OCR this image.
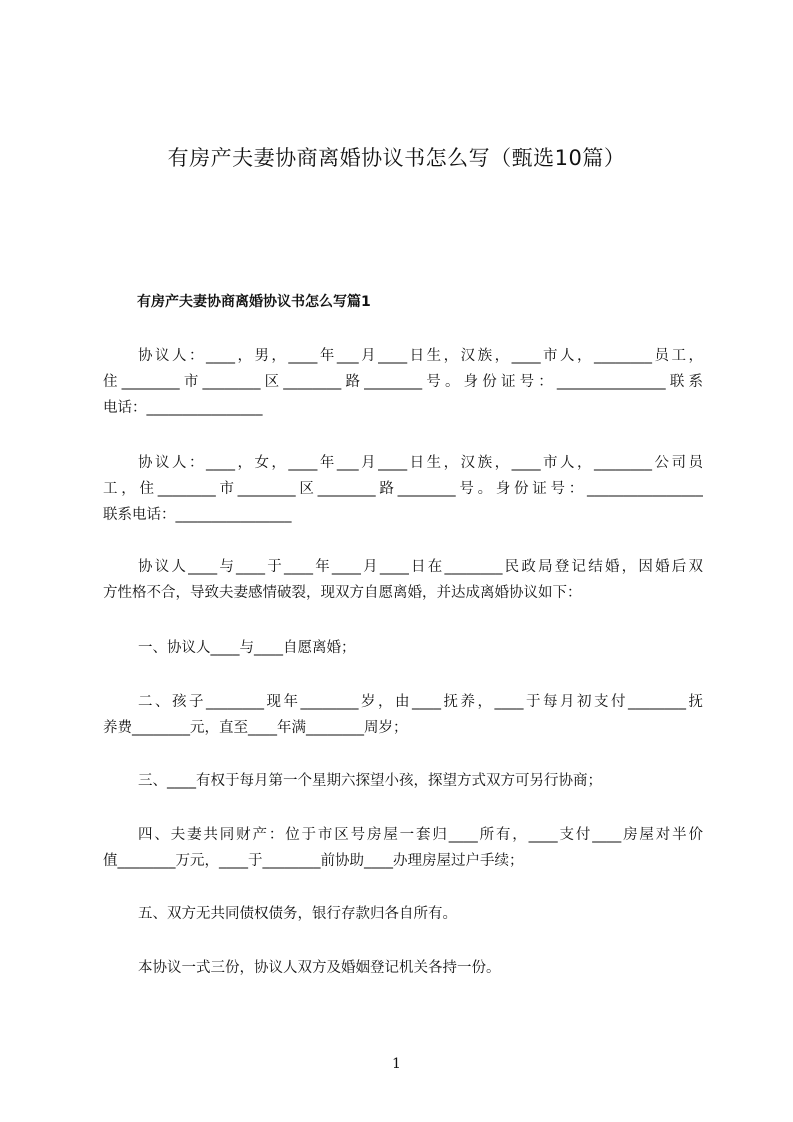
有房产夫妻协商离婚协议书怎么写（甄选10篇）
有房产夫妻协商离婚协议书怎么写篇1
协议人：____，男，____年___月____日生，汉族，____市人，________员工，
住________市________区________路________号。身份证号：_______________联系
电话：________________
协议人：____，女，____年___月____日生，汉族，____市人，________公司员
工，住________市________区________路________号。身份证号：________________
联系电话：________________
协议人____与____于____年____月____日在________民政局登记结婚，因婚后双
方性格不合，导致夫妻感情破裂，现双方自愿离婚，并达成离婚协议如下：
一、协议人____与____自愿离婚；
二、孩子________现年________岁，由____抚养，____于每月初支付________抚
养费________元，直至____年满________周岁；
三、____有权于每月第一个星期六探望小孩，探望方式双方可另行协商；
四、夫妻共同财产：位于市区号房屋一套归____所有，____支付____房屋对半价
值________万元，____于________前协助____办理房屋过户手续；
五、双方无共同债权债务，银行存款归各自所有。
本协议一式三份，协议人双方及婚姻登记机关各持一份。
1
